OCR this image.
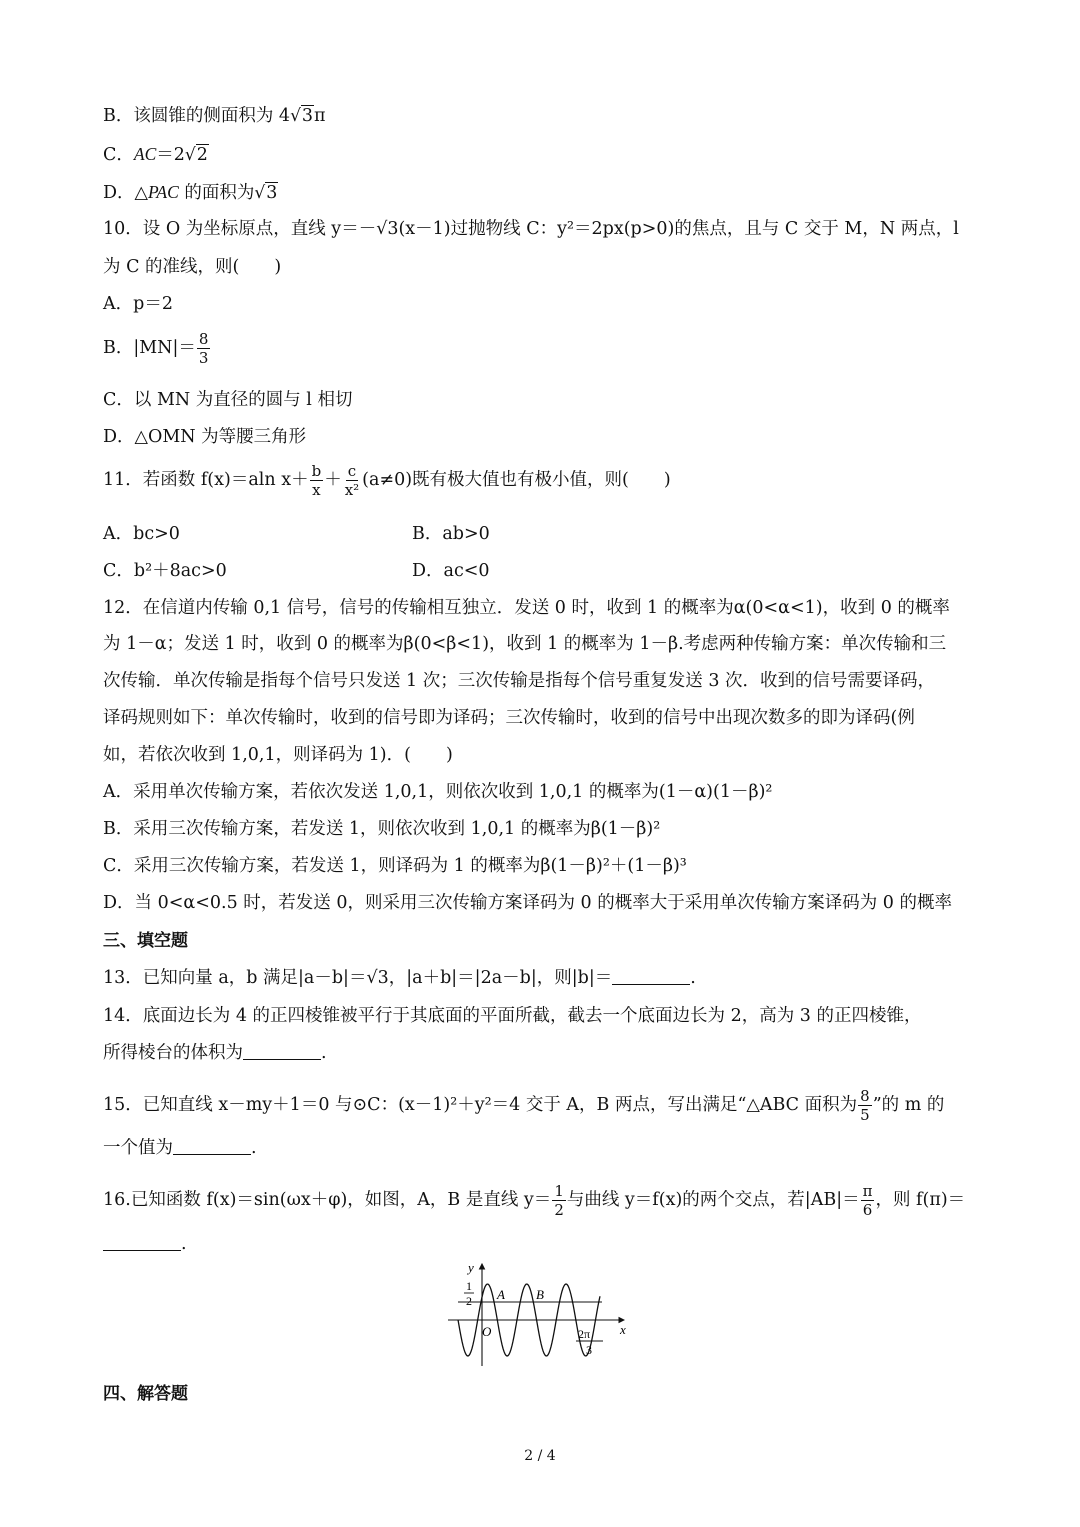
B．该圆锥的侧面积为 4√3π
C．AC＝2√2
D．△PAC 的面积为√3
10．设 O 为坐标原点，直线 y＝－√3(x－1)过抛物线 C：y²＝2px(p>0)的焦点，且与 C 交于 M，N 两点，l
为 C 的准线，则(　　)
A．p＝2
B．$|MN|= \frac{8}{3}$
C．以 MN 为直径的圆与 l 相切
D．△OMN 为等腰三角形
11．若函数 f(x)＝aln $x+ \frac{b}{x} + \frac{c}{\text{x²}} (a\ne 0)$既有极大值也有极小值，则(　　)
A．bc>0	B．ab>0
C．b²＋8ac>0	D．ac<0
12．在信道内传输 0,1 信号，信号的传输相互独立．发送 0 时，收到 1 的概率为α(0<α<1)，收到 0 的概率
为 1－α；发送 1 时，收到 0 的概率为β(0<β<1)，收到 1 的概率为 1－β.考虑两种传输方案：单次传输和三
次传输．单次传输是指每个信号只发送 1 次；三次传输是指每个信号重复发送 3 次．收到的信号需要译码，
译码规则如下：单次传输时，收到的信号即为译码；三次传输时，收到的信号中出现次数多的即为译码(例
如，若依次收到 1,0,1，则译码为 1)．(　　)
A．采用单次传输方案，若依次发送 1,0,1，则依次收到 1,0,1 的概率为(1－α)(1－β)²
B．采用三次传输方案，若发送 1，则依次收到 1,0,1 的概率为β(1－β)²
C．采用三次传输方案，若发送 1，则译码为 1 的概率为β(1－β)²＋(1－β)³
D．当 0<α<0.5 时，若发送 0，则采用三次传输方案译码为 0 的概率大于采用单次传输方案译码为 0 的概率
三、填空题
13．已知向量 a，b 满足|a－b|＝√3，|a＋b|＝|2a－b|，则|b|＝	.
14．底面边长为 4 的正四棱锥被平行于其底面的平面所截，截去一个底面边长为 2，高为 3 的正四棱锥，
所得棱台的体积为	.
15．已知直线 x－my＋1＝0 与⊙C：(x－1)²＋y²＝4 交于 A，B 两点，写出满足“△ABC 面积为 $\frac{8}{5}$ ”的 m 的
一个值为	.
16.已知函数 f(x)＝sin(ωx＋φ)，如图，A，B 是直线 $y= \frac{1}{2}$ 与曲线 y＝f(x)的两个交点，若$|AB|= \frac{\pi}{6}$ ，则 f(π)＝
.
y
x
O
1
2 A B
2π
3
四、解答题
2 / 4
